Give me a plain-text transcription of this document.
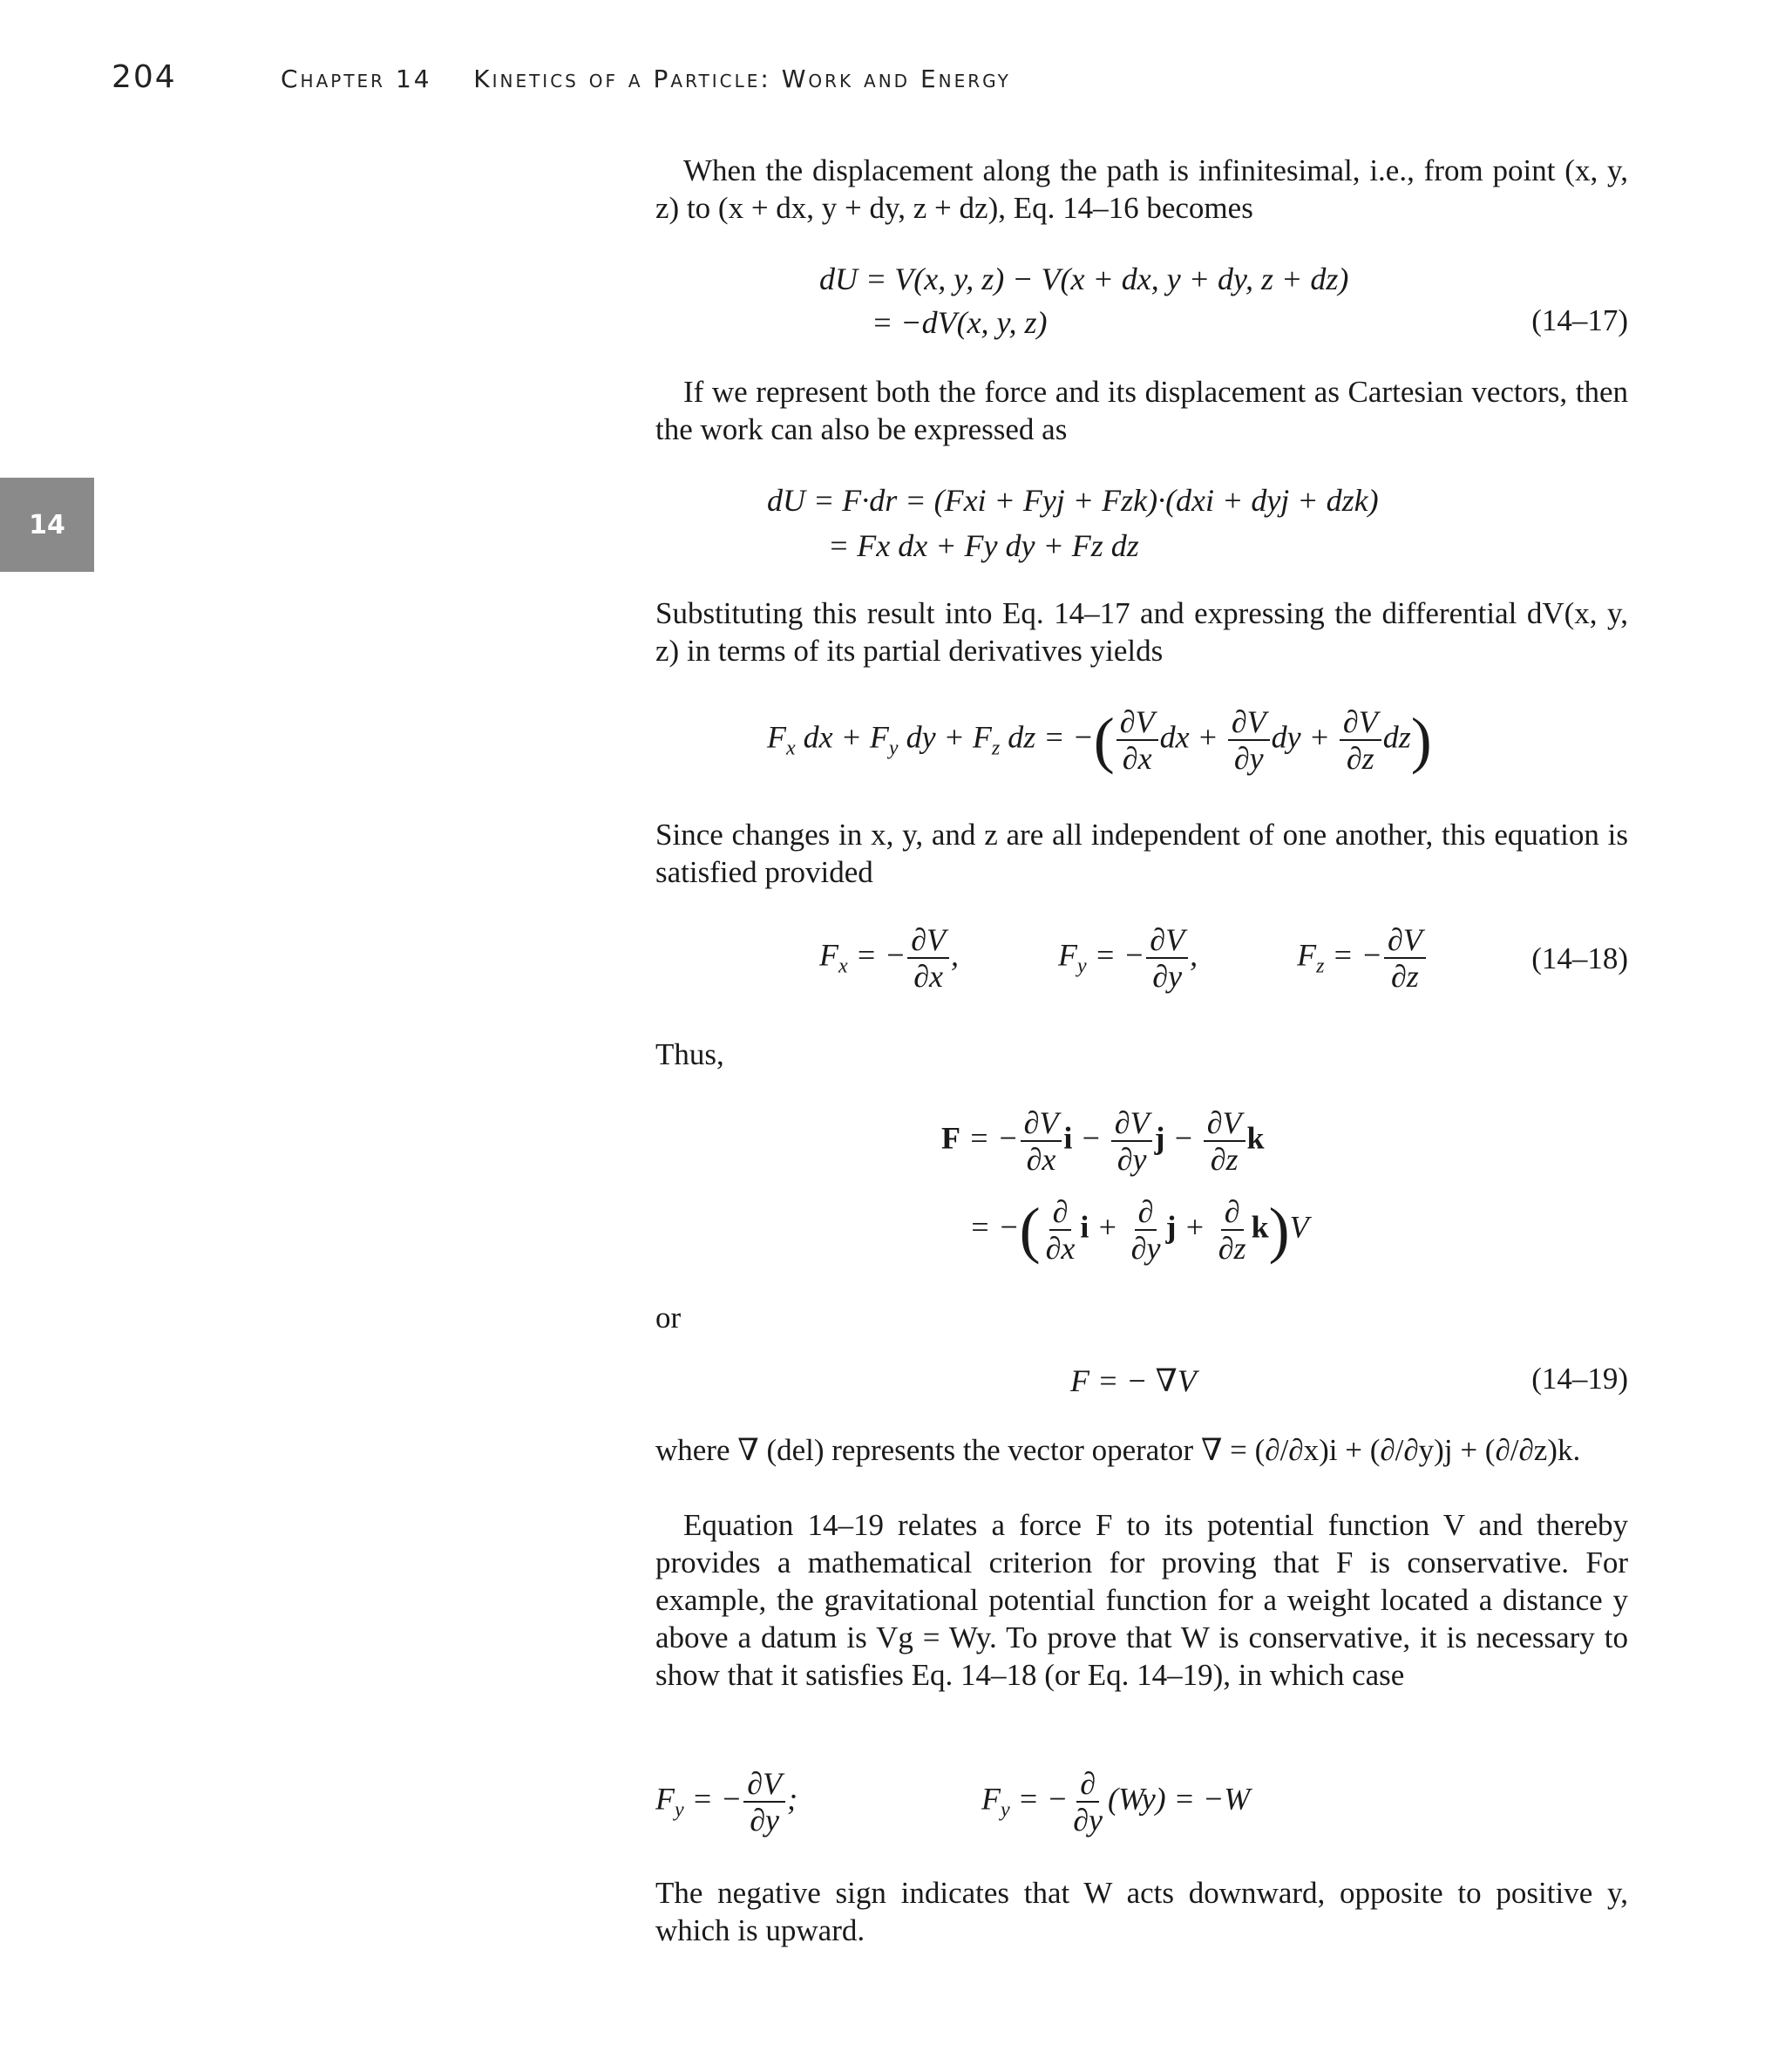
204	Chapter 14 Kinetics of a Particle: Work and Energy
14

When the displacement along the path is infinitesimal, i.e., from point (x, y, z) to (x + dx, y + dy, z + dz), Eq. 14–16 becomes

dU = V(x, y, z) − V(x + dx, y + dy, z + dz)
= −dV(x, y, z)	(14–17)

If we represent both the force and its displacement as Cartesian vectors, then the work can also be expressed as

dU = F·dr = (Fxi + Fyj + Fzk)·(dxi + dyj + dzk)
= Fx dx + Fy dy + Fz dz

Substituting this result into Eq. 14–17 and expressing the differential dV(x, y, z) in terms of its partial derivatives yields

$F_x$ dx + $F_y$ dy + $F_z$ dz = −( $\frac{\partial V}{\partial x}$ dx + $\frac{\partial V}{\partial y}$ dy + $\frac{\partial V}{\partial z} dz$)

Since changes in x, y, and z are all independent of one another, this equation is satisfied provided

$F_x$ = − $\frac{\partial V}{\partial x}$ ,	$F_y$ = − $\frac{\partial V}{\partial y}$ ,	$F_z$ = − $\frac{\partial V}{\partial z}$	(14–18)

Thus,

F = − $\frac{\partial V}{\partial x}$ $i - \frac{\partial V}{\partial y}$ $j - \frac{\partial V}{\partial z}$ k
= −( $\frac{\partial}{\partial x}$ $i + \frac{\partial}{\partial y}$ $j + \frac{\partial}{\partial z} k)V$

or

F = − ∇V	(14–19)

where ∇ (del) represents the vector operator ∇ = (∂/∂x)i + (∂/∂y)j + (∂/∂z)k.

Equation 14–19 relates a force F to its potential function V and thereby provides a mathematical criterion for proving that F is conservative. For example, the gravitational potential function for a weight located a distance y above a datum is Vg = Wy. To prove that W is conservative, it is necessary to show that it satisfies Eq. 14–18 (or Eq. 14–19), in which case

$F_y$ = − $\frac{\partial V}{\partial y}$ ;	$F_y$ = − $\frac{\partial}{\partial y} (Wy) = -W$

The negative sign indicates that W acts downward, opposite to positive y, which is upward.
